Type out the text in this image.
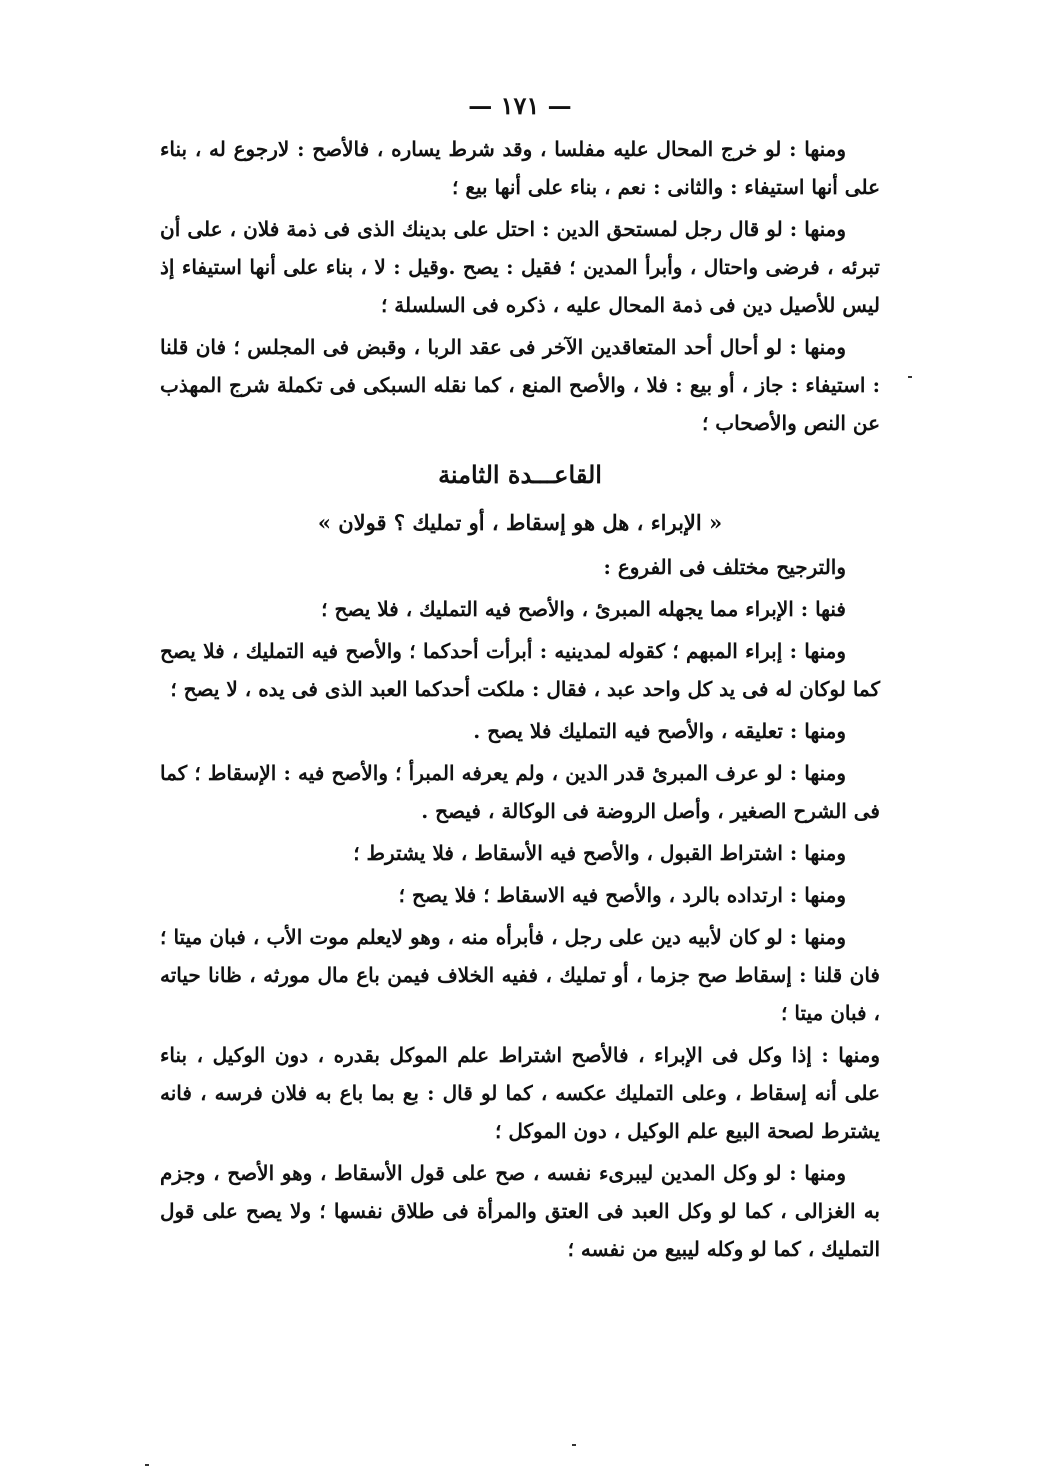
— ١٧١ —

ومنها : لو خرج المحال عليه مفلسا ، وقد شرط يساره ، فالأصح : لارجوع له ، بناء على أنها استيفاء : والثانى : نعم ، بناء على أنها بيع ؛

ومنها : لو قال رجل لمستحق الدين : احتل على بدينك الذى فى ذمة فلان ، على أن تبرئه ، فرضى واحتال ، وأبرأ المدين ؛ فقيل : يصح .وقيل : لا ، بناء على أنها استيفاء إذ ليس للأصيل دين فى ذمة المحال عليه ، ذكره فى السلسلة ؛

ومنها : لو أحال أحد المتعاقدين الآخر فى عقد الربا ، وقبض فى المجلس ؛ فان قلنا : استيفاء : جاز ، أو بيع : فلا ، والأصح المنع ، كما نقله السبكى فى تكملة شرج المهذب عن النص والأصحاب ؛

القاعـــدة الثامنة
« الإبراء ، هل هو إسقاط ، أو تمليك ؟ قولان »

والترجيح مختلف فى الفروع :

فنها : الإبراء مما يجهله المبرئ ، والأصح فيه التمليك ، فلا يصح ؛

ومنها : إبراء المبهم ؛ كقوله لمدينيه : أبرأت أحدكما ؛ والأصح فيه التمليك ، فلا يصح كما لوكان له فى يد كل واحد عبد ، فقال : ملكت أحدكما العبد الذى فى يده ، لا يصح ؛

ومنها : تعليقه ، والأصح فيه التمليك فلا يصح .

ومنها : لو عرف المبرئ قدر الدين ، ولم يعرفه المبرأ ؛ والأصح فيه : الإسقاط ؛ كما فى الشرح الصغير ، وأصل الروضة فى الوكالة ، فيصح .

ومنها : اشتراط القبول ، والأصح فيه الأسقاط ، فلا يشترط ؛

ومنها : ارتداده بالرد ، والأصح فيه الاسقاط ؛ فلا يصح ؛

ومنها : لو كان لأبيه دين على رجل ، فأبرأه منه ، وهو لايعلم موت الأب ، فبان ميتا ؛ فان قلنا : إسقاط صح جزما ، أو تمليك ، ففيه الخلاف فيمن باع مال مورثه ، ظانا حياته ، فبان ميتا ؛

ومنها : إذا وكل فى الإبراء ، فالأصح اشتراط علم الموكل بقدره ، دون الوكيل ، بناء على أنه إسقاط ، وعلى التمليك عكسه ، كما لو قال : بع بما باع به فلان فرسه ، فانه يشترط لصحة البيع علم الوكيل ، دون الموكل ؛

ومنها : لو وكل المدين ليبرىء نفسه ، صح على قول الأسقاط ، وهو الأصح ، وجزم به الغزالى ، كما لو وكل العبد فى العتق والمرأة فى طلاق نفسها ؛ ولا يصح على قول التمليك ، كما لو وكله ليبيع من نفسه ؛
